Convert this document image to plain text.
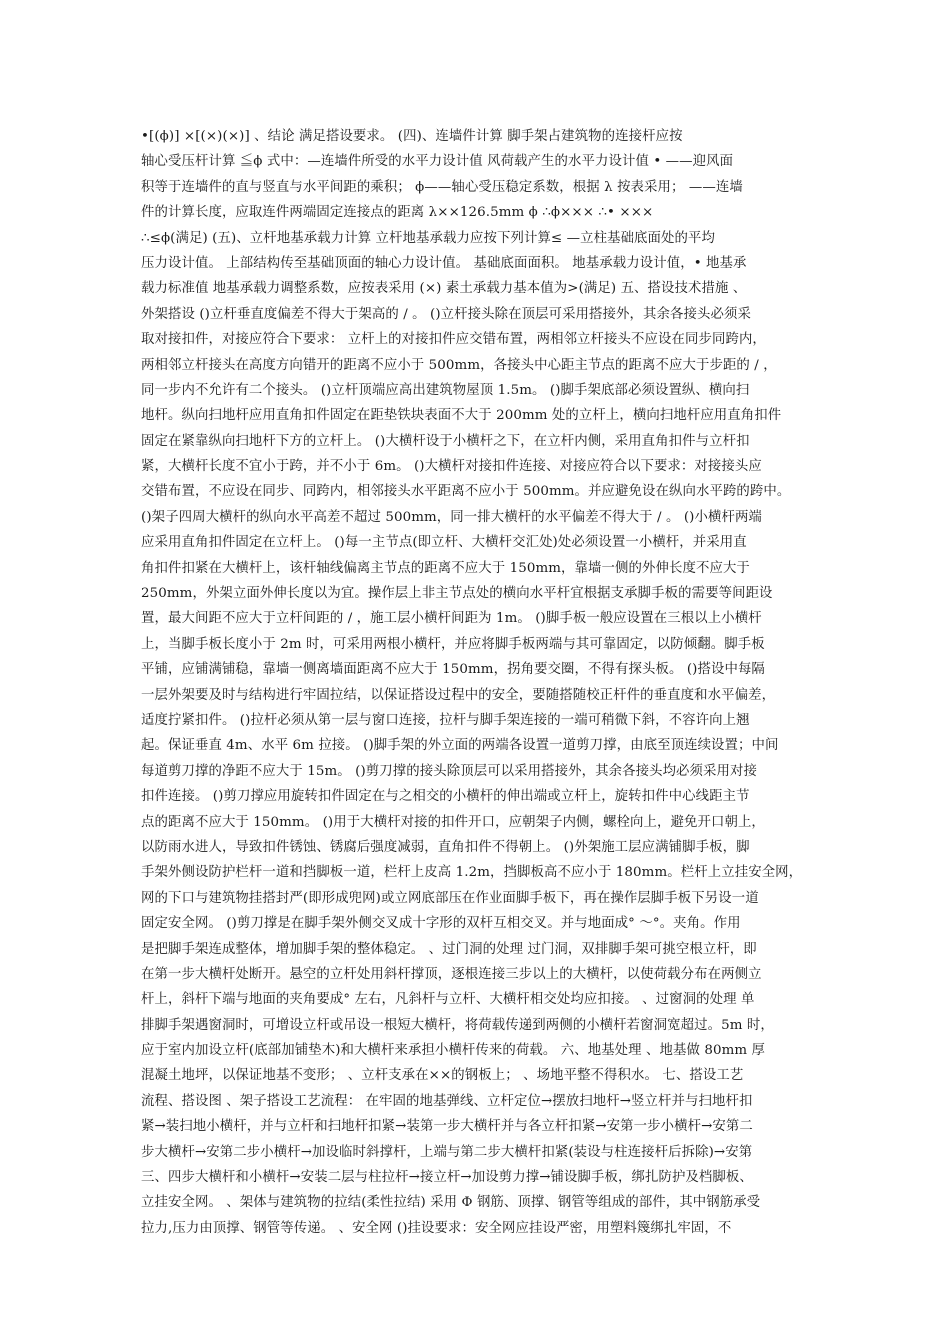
•[(ϕ)] ×[(×)(×)] 、结论 满足搭设要求。 (四)、连墙件计算 脚手架占建筑物的连接杆应按
轴心受压杆计算 ≦ϕ 式中：—连墙件所受的水平力设计值 风荷载产生的水平力设计值 • ——迎风面
积等于连墙件的直与竖直与水平间距的乘积； ϕ——轴心受压稳定系数，根据 λ 按表采用； ——连墙
件的计算长度，应取连件两端固定连接点的距离 λ××126.5mm ϕ ∴ϕ××× ∴• ×××
∴≤ϕ(满足) (五)、立杆地基承载力计算 立杆地基承载力应按下列计算≤ —立柱基础底面处的平均
压力设计值。 上部结构传至基础顶面的轴心力设计值。 基础底面面积。 地基承载力设计值，• 地基承
载力标准值 地基承载力调整系数，应按表采用 (×) 素土承载力基本值为>(满足) 五、搭设技术措施 、
外架搭设 ()立杆垂直度偏差不得大于架高的 / 。 ()立杆接头除在顶层可采用搭接外，其余各接头必须采
取对接扣件，对接应符合下要求： 立杆上的对接扣件应交错布置，两相邻立杆接头不应设在同步同跨内，
两相邻立杆接头在高度方向错开的距离不应小于 500mm，各接头中心距主节点的距离不应大于步距的 / ，
同一步内不允许有二个接头。 ()立杆顶端应高出建筑物屋顶 1.5m。 ()脚手架底部必须设置纵、横向扫
地杆。纵向扫地杆应用直角扣件固定在距垫铁块表面不大于 200mm 处的立杆上，横向扫地杆应用直角扣件
固定在紧靠纵向扫地杆下方的立杆上。 ()大横杆设于小横杆之下，在立杆内侧，采用直角扣件与立杆扣
紧，大横杆长度不宜小于跨，并不小于 6m。 ()大横杆对接扣件连接、对接应符合以下要求：对接接头应
交错布置，不应设在同步、同跨内，相邻接头水平距离不应小于 500mm。并应避免设在纵向水平跨的跨中。
()架子四周大横杆的纵向水平高差不超过 500mm，同一排大横杆的水平偏差不得大于 / 。 ()小横杆两端
应采用直角扣件固定在立杆上。 ()每一主节点(即立杆、大横杆交汇处)处必须设置一小横杆，并采用直
角扣件扣紧在大横杆上，该杆轴线偏离主节点的距离不应大于 150mm，靠墙一侧的外伸长度不应大于
250mm，外架立面外伸长度以为宜。操作层上非主节点处的横向水平杆宜根据支承脚手板的需要等间距设
置，最大间距不应大于立杆间距的 / ，施工层小横杆间距为 1m。 ()脚手板一般应设置在三根以上小横杆
上，当脚手板长度小于 2m 时，可采用两根小横杆，并应将脚手板两端与其可靠固定，以防倾翻。脚手板
平铺，应铺满铺稳，靠墙一侧离墙面距离不应大于 150mm，拐角要交圈，不得有探头板。 ()搭设中每隔
一层外架要及时与结构进行牢固拉结，以保证搭设过程中的安全，要随搭随校正杆件的垂直度和水平偏差，
适度拧紧扣件。 ()拉杆必须从第一层与窗口连接，拉杆与脚手架连接的一端可稍微下斜，不容许向上翘
起。保证垂直 4m、水平 6m 拉接。 ()脚手架的外立面的两端各设置一道剪刀撑，由底至顶连续设置；中间
每道剪刀撑的净距不应大于 15m。 ()剪刀撑的接头除顶层可以采用搭接外，其余各接头均必须采用对接
扣件连接。 ()剪刀撑应用旋转扣件固定在与之相交的小横杆的伸出端或立杆上，旋转扣件中心线距主节
点的距离不应大于 150mm。 ()用于大横杆对接的扣件开口，应朝架子内侧，螺栓向上，避免开口朝上，
以防雨水进人，导致扣件锈蚀、锈腐后强度减弱，直角扣件不得朝上。 ()外架施工层应满铺脚手板，脚
手架外侧设防护栏杆一道和挡脚板一道，栏杆上皮高 1.2m，挡脚板高不应小于 180mm。栏杆上立挂安全网，
网的下口与建筑物挂搭封严(即形成兜网)或立网底部压在作业面脚手板下，再在操作层脚手板下另设一道
固定安全网。 ()剪刀撑是在脚手架外侧交叉成十字形的双杆互相交叉。并与地面成° ～°。夹角。作用
是把脚手架连成整体，增加脚手架的整体稳定。 、过门洞的处理 过门洞，双排脚手架可挑空根立杆，即
在第一步大横杆处断开。悬空的立杆处用斜杆撑顶，逐根连接三步以上的大横杆，以使荷载分布在两侧立
杆上，斜杆下端与地面的夹角要成° 左右，凡斜杆与立杆、大横杆相交处均应扣接。 、过窗洞的处理 单
排脚手架遇窗洞时，可增设立杆或吊设一根短大横杆，将荷载传递到两侧的小横杆若窗洞宽超过。5m 时，
应于室内加设立杆(底部加铺垫木)和大横杆来承担小横杆传来的荷载。 六、地基处理 、地基做 80mm 厚
混凝土地坪，以保证地基不变形； 、立杆支承在××的钢板上； 、场地平整不得积水。 七、搭设工艺
流程、搭设图 、架子搭设工艺流程： 在牢固的地基弹线、立杆定位→摆放扫地杆→竖立杆并与扫地杆扣
紧→装扫地小横杆，并与立杆和扫地杆扣紧→装第一步大横杆并与各立杆扣紧→安第一步小横杆→安第二
步大横杆→安第二步小横杆→加设临时斜撑杆，上端与第二步大横杆扣紧(装设与柱连接杆后拆除)→安第
三、四步大横杆和小横杆→安装二层与柱拉杆→接立杆→加设剪力撑→铺设脚手板，绑扎防护及档脚板、
立挂安全网。 、架体与建筑物的拉结(柔性拉结) 采用 Φ 钢筋、顶撑、钢管等组成的部件，其中钢筋承受
拉力,压力由顶撑、钢管等传递。 、安全网 ()挂设要求：安全网应挂设严密，用塑料篾绑扎牢固，不
